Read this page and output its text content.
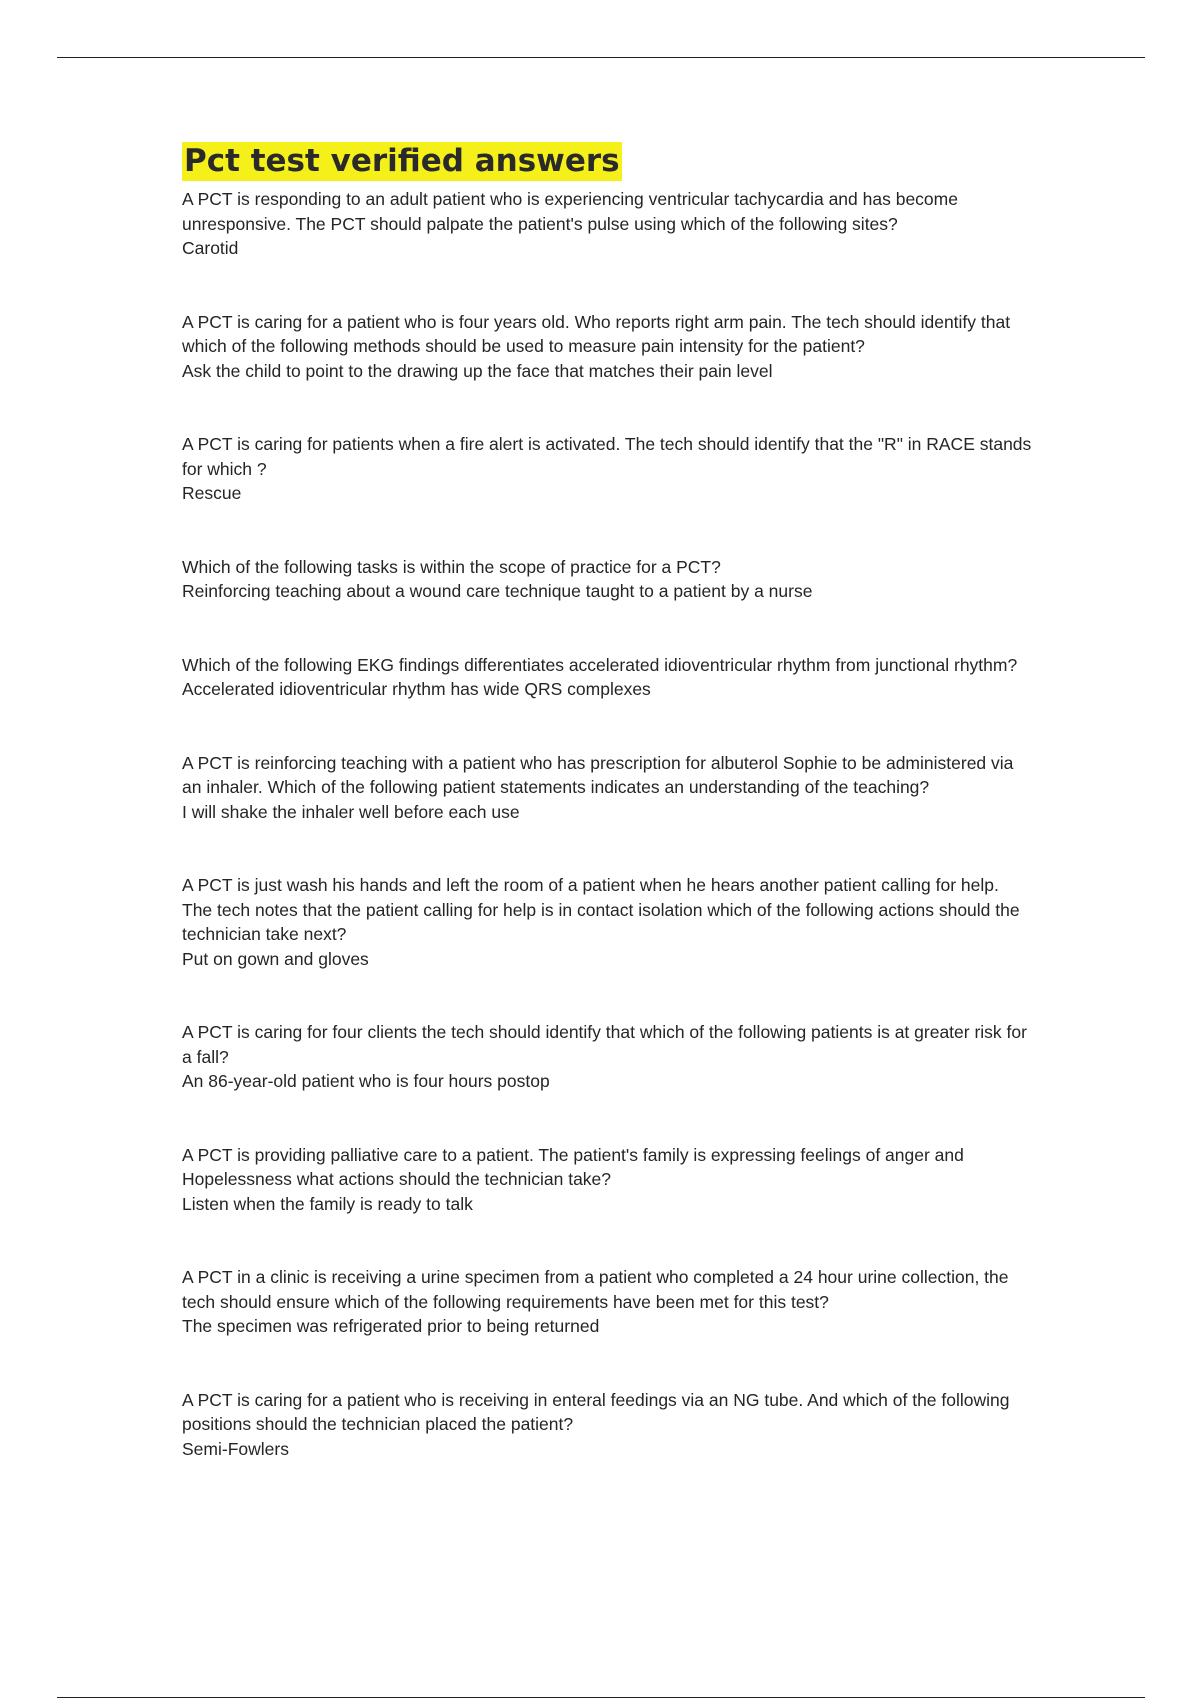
Pct test verified answers
A PCT is responding to an adult patient who is experiencing ventricular tachycardia and has become unresponsive. The PCT should palpate the patient's pulse using which of the following sites?
Carotid
A PCT is caring for a patient who is four years old. Who reports right arm pain. The tech should identify that which of the following methods should be used to measure pain intensity for the patient?
Ask the child to point to the drawing up the face that matches their pain level
A PCT is caring for patients when a fire alert is activated. The tech should identify that the "R" in RACE stands for which ?
Rescue
Which of the following tasks is within the scope of practice for a PCT?
Reinforcing teaching about a wound care technique taught to a patient by a nurse
Which of the following EKG findings differentiates accelerated idioventricular rhythm from junctional rhythm?
Accelerated idioventricular rhythm has wide QRS complexes
A PCT is reinforcing teaching with a patient who has prescription for albuterol Sophie to be administered via an inhaler. Which of the following patient statements indicates an understanding of the teaching?
I will shake the inhaler well before each use
A PCT is just wash his hands and left the room of a patient when he hears another patient calling for help. The tech notes that the patient calling for help is in contact isolation which of the following actions should the technician take next?
Put on gown and gloves
A PCT is caring for four clients the tech should identify that which of the following patients is at greater risk for a fall?
An 86-year-old patient who is four hours postop
A PCT is providing palliative care to a patient. The patient's family is expressing feelings of anger and Hopelessness what actions should the technician take?
Listen when the family is ready to talk
A PCT in a clinic is receiving a urine specimen from a patient who completed a 24 hour urine collection, the tech should ensure which of the following requirements have been met for this test?
The specimen was refrigerated prior to being returned
A PCT is caring for a patient who is receiving in enteral feedings via an NG tube. And which of the following positions should the technician placed the patient?
Semi-Fowlers
